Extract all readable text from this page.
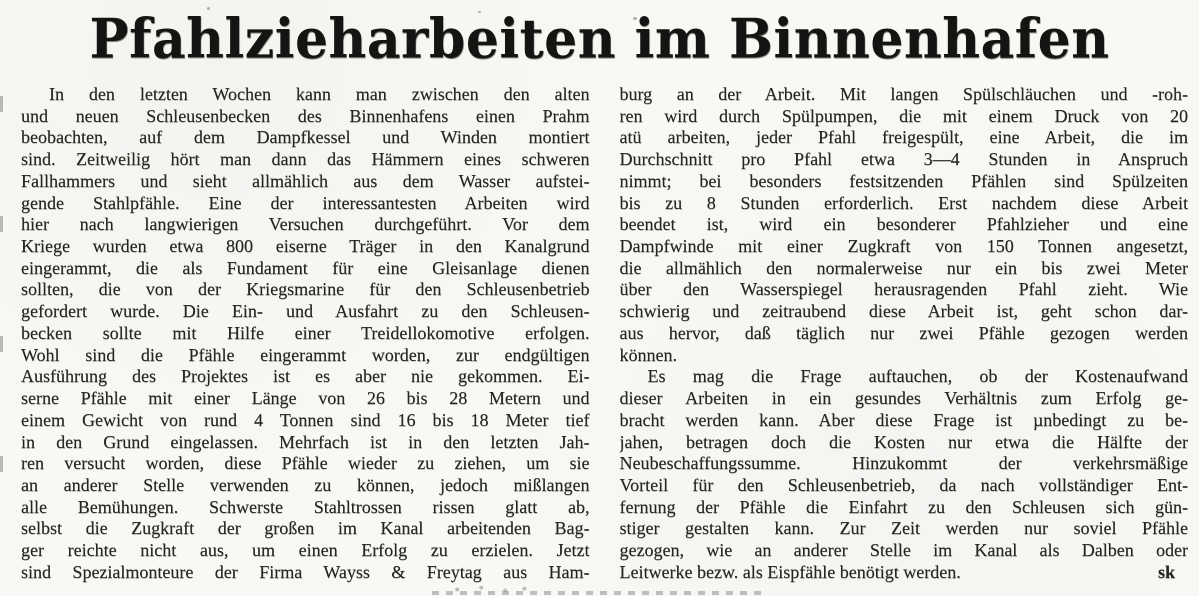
Pfahlzieharbeiten im Binnenhafen
In den letzten Wochen kann man zwischen den alten
und neuen Schleusenbecken des Binnenhafens einen Prahm
beobachten, auf dem Dampfkessel und Winden montiert
sind. Zeitweilig hört man dann das Hämmern eines schweren
Fallhammers und sieht allmählich aus dem Wasser aufstei-
gende Stahlpfähle. Eine der interessantesten Arbeiten wird
hier nach langwierigen Versuchen durchgeführt. Vor dem
Kriege wurden etwa 800 eiserne Träger in den Kanalgrund
eingerammt, die als Fundament für eine Gleisanlage dienen
sollten, die von der Kriegsmarine für den Schleusenbetrieb
gefordert wurde. Die Ein- und Ausfahrt zu den Schleusen-
becken sollte mit Hilfe einer Treidellokomotive erfolgen.
Wohl sind die Pfähle eingerammt worden, zur endgültigen
Ausführung des Projektes ist es aber nie gekommen. Ei-
serne Pfähle mit einer Länge von 26 bis 28 Metern und
einem Gewicht von rund 4 Tonnen sind 16 bis 18 Meter tief
in den Grund eingelassen. Mehrfach ist in den letzten Jah-
ren versucht worden, diese Pfähle wieder zu ziehen, um sie
an anderer Stelle verwenden zu können, jedoch mißlangen
alle Bemühungen. Schwerste Stahltrossen rissen glatt ab,
selbst die Zugkraft der großen im Kanal arbeitenden Bag-
ger reichte nicht aus, um einen Erfolg zu erzielen. Jetzt
sind Spezialmonteure der Firma Wayss & Freytag aus Ham-
burg an der Arbeit. Mit langen Spülschläuchen und -roh-
ren wird durch Spülpumpen, die mit einem Druck von 20
atü arbeiten, jeder Pfahl freigespült, eine Arbeit, die im
Durchschnitt pro Pfahl etwa 3—4 Stunden in Anspruch
nimmt; bei besonders festsitzenden Pfählen sind Spülzeiten
bis zu 8 Stunden erforderlich. Erst nachdem diese Arbeit
beendet ist, wird ein besonderer Pfahlzieher und eine
Dampfwinde mit einer Zugkraft von 150 Tonnen angesetzt,
die allmählich den normalerweise nur ein bis zwei Meter
über den Wasserspiegel herausragenden Pfahl zieht. Wie
schwierig und zeitraubend diese Arbeit ist, geht schon dar-
aus hervor, daß täglich nur zwei Pfähle gezogen werden
können.
Es mag die Frage auftauchen, ob der Kostenaufwand
dieser Arbeiten in ein gesundes Verhältnis zum Erfolg ge-
bracht werden kann. Aber diese Frage ist µnbedingt zu be-
jahen, betragen doch die Kosten nur etwa die Hälfte der
Neubeschaffungssumme. Hinzukommt der verkehrsmäßige
Vorteil für den Schleusenbetrieb, da nach vollständiger Ent-
fernung der Pfähle die Einfahrt zu den Schleusen sich gün-
stiger gestalten kann. Zur Zeit werden nur soviel Pfähle
gezogen, wie an anderer Stelle im Kanal als Dalben oder
Leitwerke bezw. als Eispfähle benötigt werden.	sk
